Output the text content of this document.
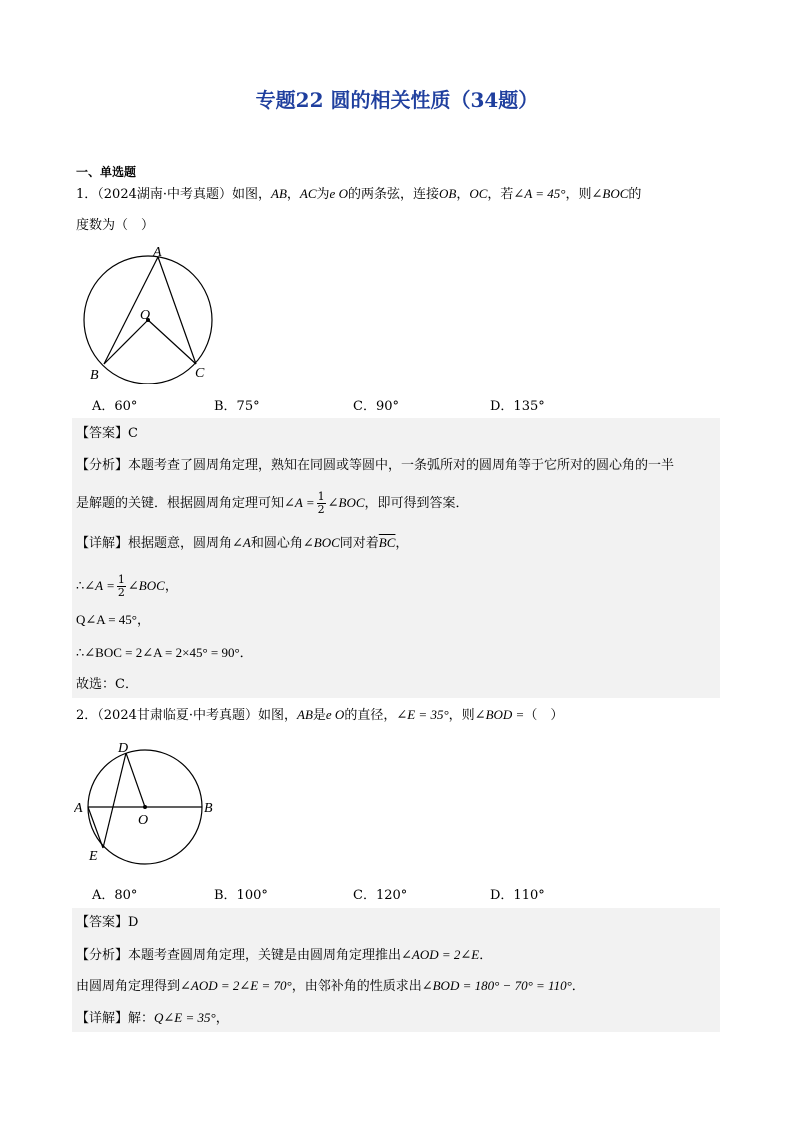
专题22 圆的相关性质（34题）
一、单选题
1．（2024湖南·中考真题）如图，AB，AC为e O的两条弦，连接OB，OC，若∠A = 45°，则∠BOC的
度数为（　）
A
O
B	C
A．60°	B．75°	C．90°	D．135°
【答案】C
【分析】本题考查了圆周角定理，熟知在同圆或等圆中，一条弧所对的圆周角等于它所对的圆心角的一半
是解题的关键．根据圆周角定理可知∠A = $\frac{1}{2}$ ∠BOC，即可得到答案．
【详解】根据题意，圆周角∠A和圆心角∠BOC同对着$\overline{BC}$，
∴∠A = $\frac{1}{2}$ ∠BOC，
Q∠A = 45°，
∴∠BOC = 2∠A = 2×45° = 90°．
故选：C．
2．（2024甘肃临夏·中考真题）如图，AB是e O的直径，∠E = 35°，则∠BOD =（　）
D
A
O
B
E
A．80°	B．100°	C．120°	D．110°
【答案】D
【分析】本题考查圆周角定理，关键是由圆周角定理推出∠AOD = 2∠E．
由圆周角定理得到∠AOD = 2∠E = 70°，由邻补角的性质求出∠BOD = 180° − 70° = 110°．
【详解】解：Q∠E = 35°，
